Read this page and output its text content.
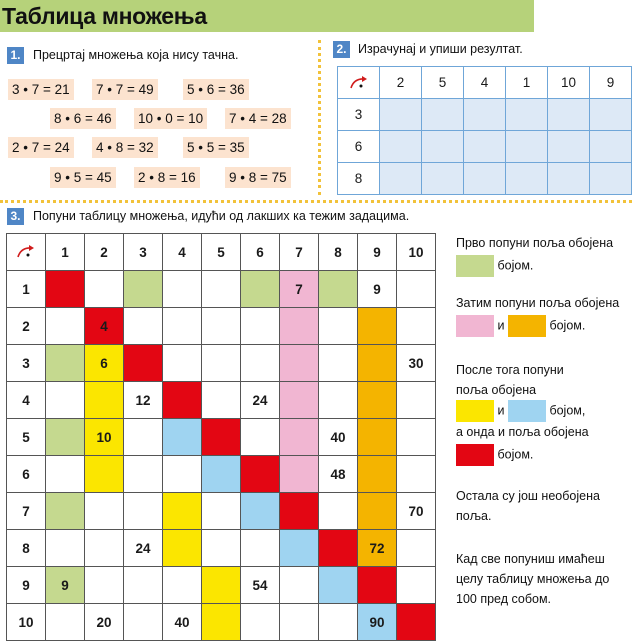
Таблица множења
1. Прецртај множења која нису тачна.
3 • 7 = 21 7 • 7 = 49 5 • 6 = 36
8 • 6 = 46 10 • 0 = 10 7 • 4 = 28
2 • 7 = 24 4 • 8 = 32 5 • 5 = 35
9 • 5 = 45 2 • 8 = 16 9 • 8 = 75
2. Израчунај и упиши резултат.
	2	5	4	1	10	9
3						
6						
8						
3. Попуни таблицу множења, идући од лакших ка тежим задацима.
	1	2	3	4	5	6	7	8	9	10
1							7		9	
2		4								
3		6								30
4			12			24				
5		10						40		
6								48		
7										70
8			24						72	
9	9					54				
10		20		40					90	
Прво попуни поља обојена
бојом.
Затим попуни поља обојена
и	бојом.
После тога попуни
поља обојена
и	бојом,
а онда и поља обојена
бојом.
Остала су још необојена
поља.
Кад све попуниш имаћеш
целу таблицу множења до
100 пред собом.
